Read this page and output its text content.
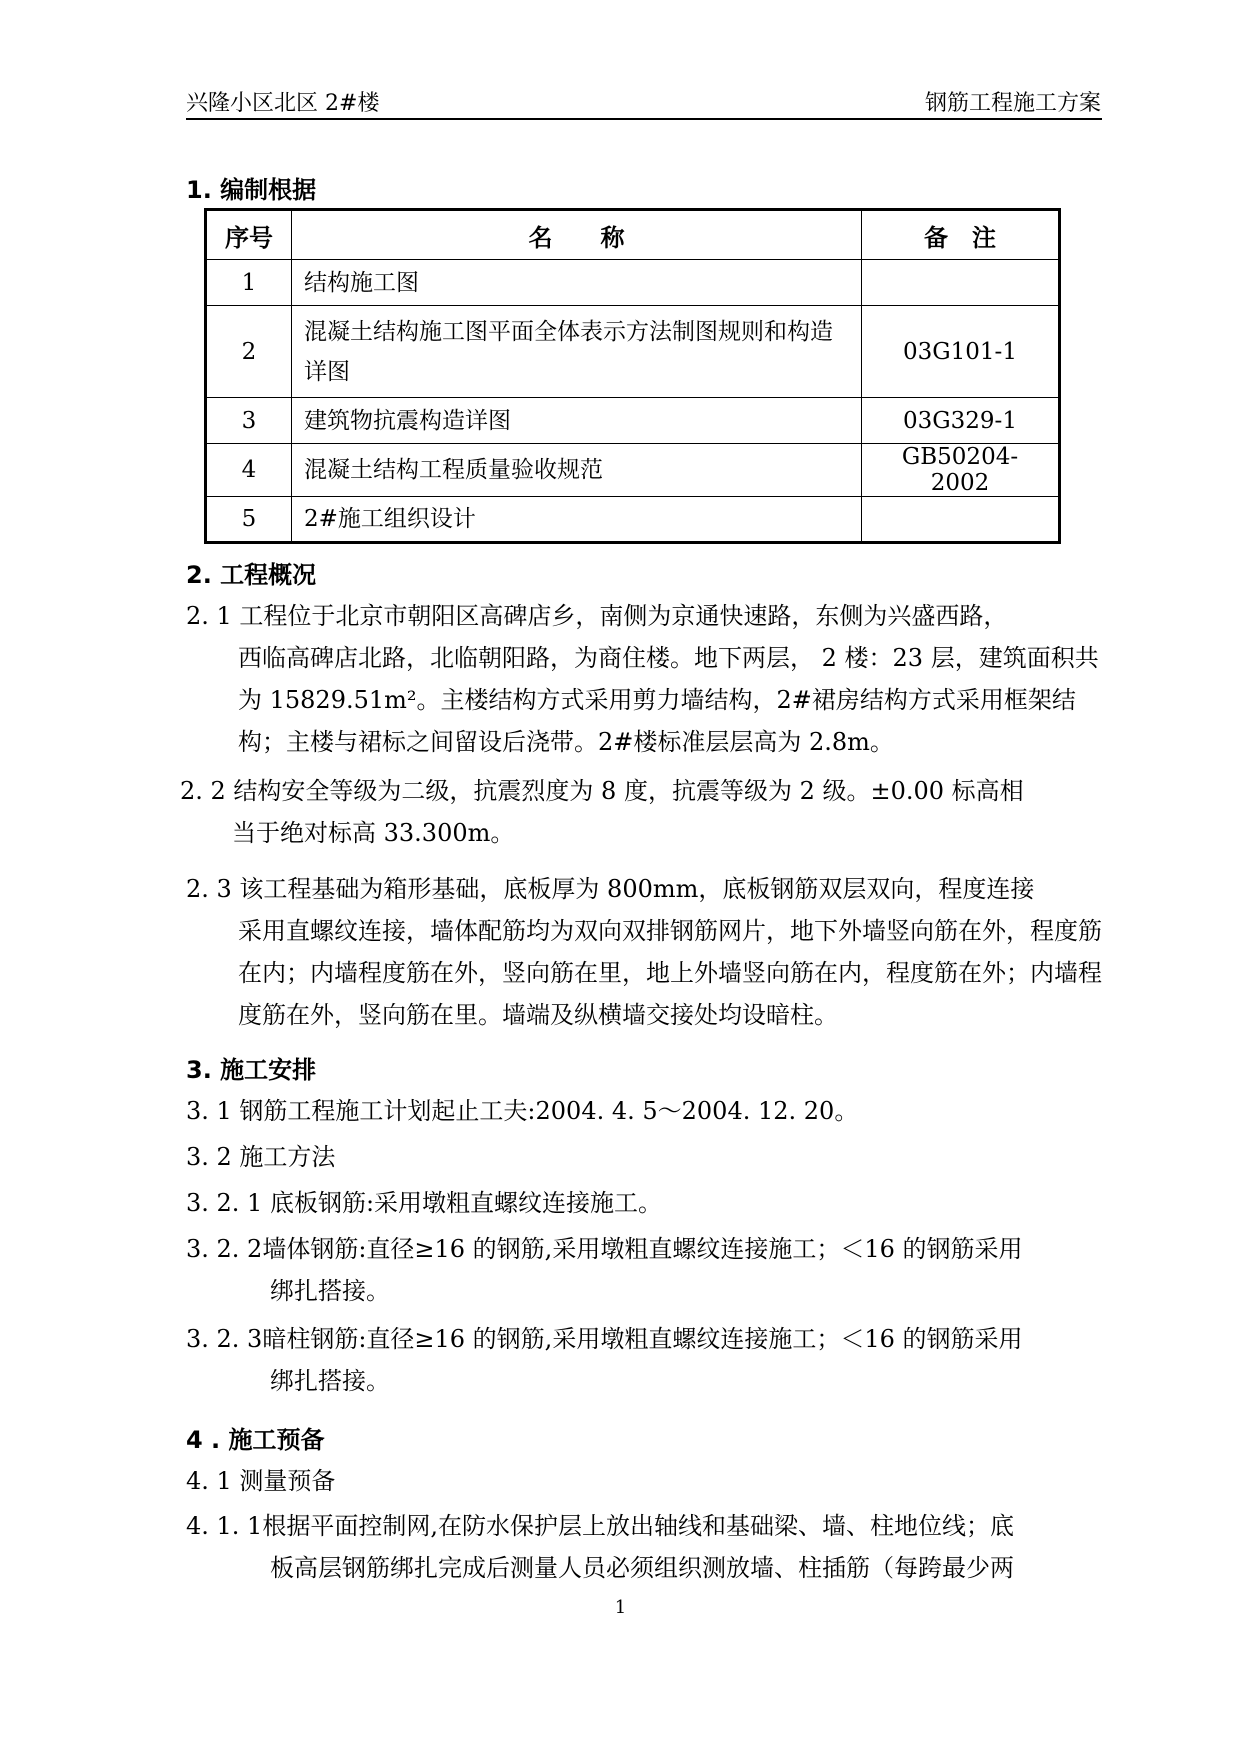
兴隆小区北区 2#楼	钢筋工程施工方案
1. 编制根据
序号	名　　称	备　注
1	结构施工图	
2	混凝土结构施工图平面全体表示方法制图规则和构造详图	03G101-1
3	建筑物抗震构造详图	03G329-1
4	混凝土结构工程质量验收规范	GB50204-2002
5	2#施工组织设计	
2. 工程概况
2. 1 工程位于北京市朝阳区高碑店乡，南侧为京通快速路，东侧为兴盛西路，
西临高碑店北路，北临朝阳路，为商住楼。地下两层， 2 楼：23 层，建筑面积共为 15829.51m²。主楼结构方式采用剪力墙结构，2#裙房结构方式采用框架结构；主楼与裙标之间留设后浇带。2#楼标准层层高为 2.8m。
2. 2 结构安全等级为二级，抗震烈度为 8 度，抗震等级为 2 级。±0.00 标高相
当于绝对标高 33.300m。
2. 3 该工程基础为箱形基础，底板厚为 800mm，底板钢筋双层双向，程度连接
采用直螺纹连接，墙体配筋均为双向双排钢筋网片，地下外墙竖向筋在外，程度筋在内；内墙程度筋在外，竖向筋在里，地上外墙竖向筋在内，程度筋在外；内墙程度筋在外，竖向筋在里。墙端及纵横墙交接处均设暗柱。
3. 施工安排
3. 1 钢筋工程施工计划起止工夫:2004. 4. 5～2004. 12. 20。
3. 2 施工方法
3. 2. 1 底板钢筋:采用墩粗直螺纹连接施工。
3. 2. 2墙体钢筋:直径≥16 的钢筋,采用墩粗直螺纹连接施工；＜16 的钢筋采用
绑扎搭接。
3. 2. 3暗柱钢筋:直径≥16 的钢筋,采用墩粗直螺纹连接施工；＜16 的钢筋采用
绑扎搭接。
4 . 施工预备
4. 1 测量预备
4. 1. 1根据平面控制网,在防水保护层上放出轴线和基础梁、墙、柱地位线；底
板高层钢筋绑扎完成后测量人员必须组织测放墙、柱插筋（每跨最少两
1
